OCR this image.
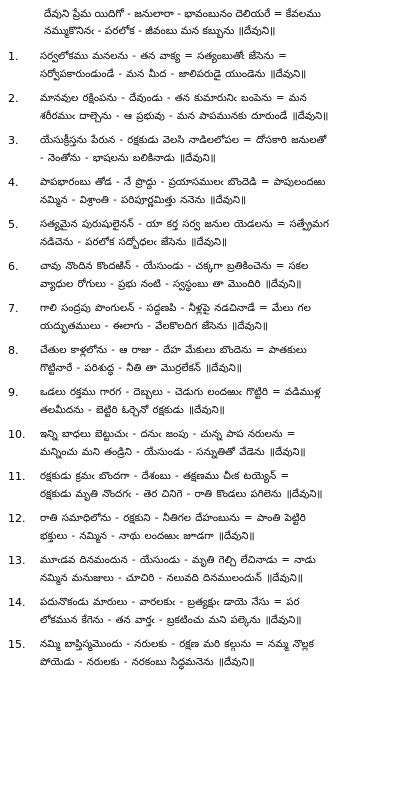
దేవుని ప్రేమ యిదిగో - జనులారా - భావంబునం దెలియరే = కేవలము
నమ్ముకొనినఁ - పరలోక - జీవంబు మన కబ్బును ॥దేవుని॥
1.	సర్వలోకము మనలను - తన వాక్య = సత్యంబుతోఁ జేసెను =
సర్వోపకారుండుండే - మన మీద - జాలిపరుడై యుండెను ॥దేవుని॥
2.	మానవుల రక్షింపను - దేవుండు - తన కుమారునిఁ బంపెను = మన
శరీరముఁ దాల్చెను - ఆ ప్రభువు - మన పాపమునకు దూరుండే ॥దేవుని॥
3.	యేసుక్రీస్తను పేరున - రక్షకుడు వెలసి నాడిలలోపల = దోసకారి జనులతో
- నెంతోను - భాషలను బలికినాడు ॥దేవుని॥
4.	పాపభారంబు తోడ - నే ప్రొద్దు - ప్రయాసములఁ బొందెడి = పాపులందఱు
నమ్మిన - విశ్రాంతి - పరిపూర్ణమిత్తు ననెను ॥దేవుని॥
5.	సత్యమైన పురుషులైనన్ - యా కర్త సర్వ జనుల యెడలను = సత్ప్రేమగ
నడిచెను - పరలోక సద్బోధలఁ జేసెను ॥దేవుని॥
6.	చావు నొందిన కొందఱిన్ - యేసుండు - చక్కగా బ్రతికించెను = సకల
వ్యాధుల రోగులు - ప్రభు నంటి - స్వస్థంబు తా మొందిరి ॥దేవుని॥
7.	గాలి సంద్రపు పొంగులన్ - సద్దణపి - నీళ్లపై నడచినాడే = మేలు గల
యద్భుతములు - ఈలాగు - వేలకొలదిగ జేసెను ॥దేవుని॥
8.	చేతుల కాళ్లలోను - ఆ రాజు - దేహ మేకులు బొందెను = పాతకులు
గొట్టినారే - పరిశుద్ధ - నీతి తా మొర్రలేకన్ ॥దేవుని॥
9.	ఒడలు రక్తము గారగ - దెబ్బలు - చెడుగు లందఱుఁ గొట్టిరి = వడిముళ్ల
తలమీదను - బెట్టిరి ఓర్చెనో రక్షకుడు ॥దేవుని॥
10.	ఇన్ని బాధలు బెట్టుచుఁ - దనుఁ జంపు - చున్న పాప నరులను =
మన్నించు మని తండ్రిని - యేసుండు - సన్నుతితో వేడెను ॥దేవుని॥
11.	రక్షకుడు క్రమఁ బొందగా - దేశంబు - తక్షణము చీఁక టయ్యెన్ =
రక్షకుడు మృతి నొందగఁ - తెర చినిగె - రాతి కొండలు పగిలెను ॥దేవుని॥
12.	రాతి సమాధిలోను - రక్షకుని - నీతిగల దేహంబును = పాంతి పెట్టిరి
భక్తులు - నమ్మిన - నాథు లందఱుఁ జూడగా ॥దేవుని॥
13.	మూఁడవ దినమందున - యేసుండు - మృతి గెల్చి లేచినాడు = నాడు
నమ్మిన మనుజులు - చూచిరి - నలువది దినములందున్ ॥దేవుని॥
14.	పదునొకండు మారులు - వారలకుఁ - బ్రత్యక్షుఁ డాయె నేసు = పర
లోకమున కేగెను - తన వార్తఁ - బ్రకటించు మని పల్కెను ॥దేవుని॥
15.	నమ్మి బాప్తిస్మమొందు - నరులకు - రక్షణ మరి కల్గును = నమ్మ నొల్లక
పోయెడు - నరులకు - నరకంబు సిద్ధమనెను ॥దేవుని॥
